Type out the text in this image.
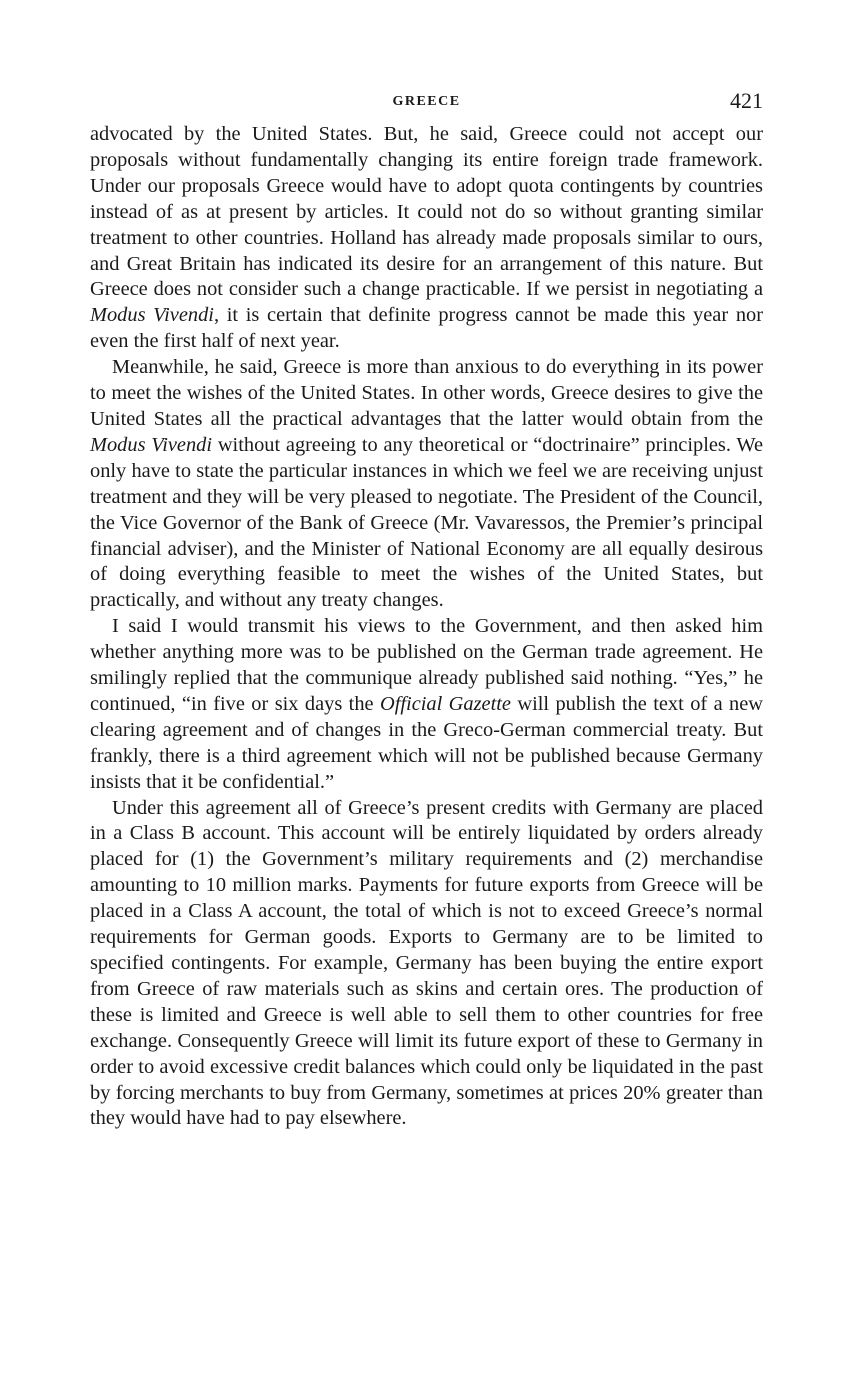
GREECE	421

advocated by the United States. But, he said, Greece could not accept our proposals without fundamentally changing its entire foreign trade framework. Under our proposals Greece would have to adopt quota contingents by countries instead of as at present by articles. It could not do so without granting similar treatment to other countries. Holland has already made proposals similar to ours, and Great Britain has indicated its desire for an arrangement of this nature. But Greece does not consider such a change practicable. If we persist in negotiating a Modus Vivendi, it is certain that definite progress cannot be made this year nor even the first half of next year.

Meanwhile, he said, Greece is more than anxious to do everything in its power to meet the wishes of the United States. In other words, Greece desires to give the United States all the practical advantages that the latter would obtain from the Modus Vivendi without agreeing to any theoretical or “doctrinaire” principles. We only have to state the particular instances in which we feel we are receiving unjust treatment and they will be very pleased to negotiate. The President of the Council, the Vice Governor of the Bank of Greece (Mr. Vavaressos, the Premier’s principal financial adviser), and the Minister of National Economy are all equally desirous of doing everything feasible to meet the wishes of the United States, but practically, and without any treaty changes.

I said I would transmit his views to the Government, and then asked him whether anything more was to be published on the German trade agreement. He smilingly replied that the communique already published said nothing. “Yes,” he continued, “in five or six days the Official Gazette will publish the text of a new clearing agreement and of changes in the Greco-German commercial treaty. But frankly, there is a third agreement which will not be published because Germany insists that it be confidential.”

Under this agreement all of Greece’s present credits with Germany are placed in a Class B account. This account will be entirely liquidated by orders already placed for (1) the Government’s military requirements and (2) merchandise amounting to 10 million marks. Payments for future exports from Greece will be placed in a Class A account, the total of which is not to exceed Greece’s normal requirements for German goods. Exports to Germany are to be limited to specified contingents. For example, Germany has been buying the entire export from Greece of raw materials such as skins and certain ores. The production of these is limited and Greece is well able to sell them to other countries for free exchange. Consequently Greece will limit its future export of these to Germany in order to avoid excessive credit balances which could only be liquidated in the past by forcing merchants to buy from Germany, sometimes at prices 20% greater than they would have had to pay elsewhere.
